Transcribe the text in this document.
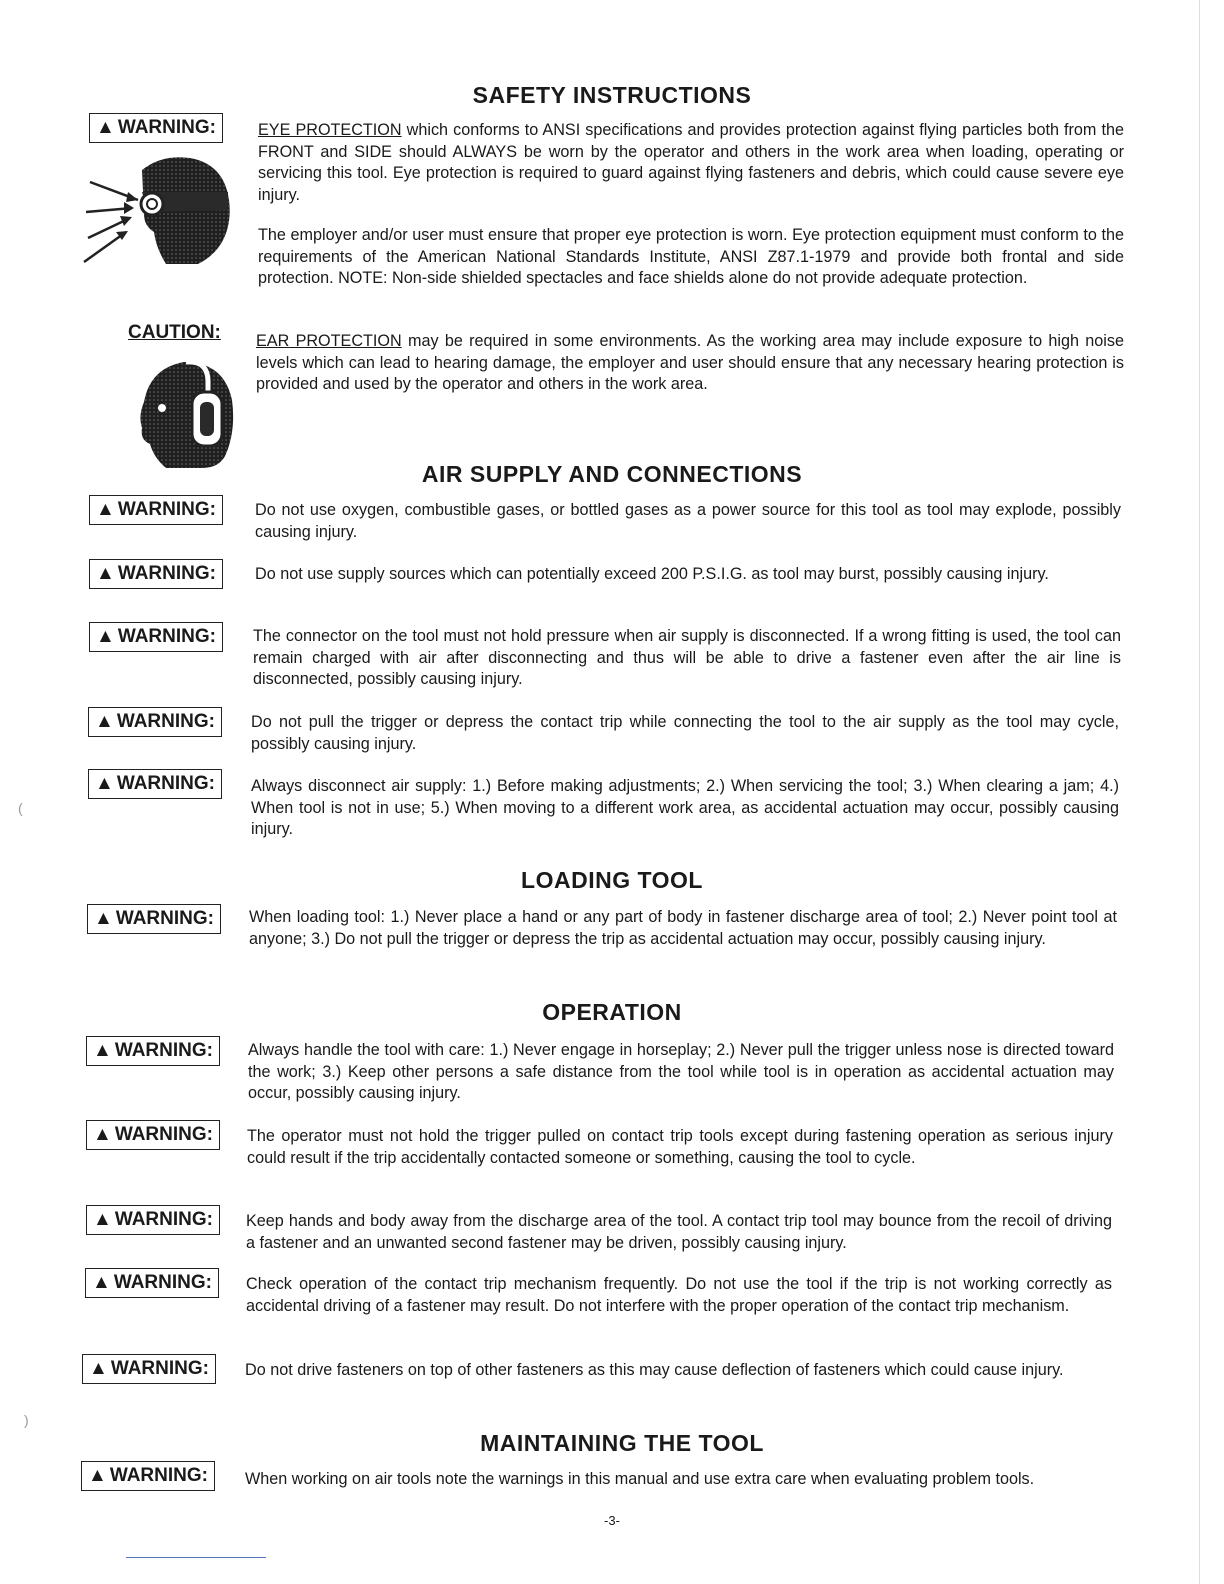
SAFETY INSTRUCTIONS
▲ WARNING:	EYE PROTECTION which conforms to ANSI specifications and provides protection against flying particles both from the FRONT and SIDE should ALWAYS be worn by the operator and others in the work area when loading, operating or servicing this tool. Eye protection is required to guard against flying fasteners and debris, which could cause severe eye injury.
The employer and/or user must ensure that proper eye protection is worn. Eye protection equipment must conform to the requirements of the American National Standards Institute, ANSI Z87.1-1979 and provide both frontal and side protection. NOTE: Non-side shielded spectacles and face shields alone do not provide adequate protection.
CAUTION: EAR PROTECTION may be required in some environments. As the working area may include exposure to high noise levels which can lead to hearing damage, the employer and user should ensure that any necessary hearing protection is provided and used by the operator and others in the work area.
AIR SUPPLY AND CONNECTIONS
▲ WARNING:	Do not use oxygen, combustible gases, or bottled gases as a power source for this tool as tool may explode, possibly causing injury.
▲ WARNING:	Do not use supply sources which can potentially exceed 200 P.S.I.G. as tool may burst, possibly causing injury.
▲ WARNING:	The connector on the tool must not hold pressure when air supply is disconnected. If a wrong fitting is used, the tool can remain charged with air after disconnecting and thus will be able to drive a fastener even after the air line is disconnected, possibly causing injury.
▲ WARNING:	Do not pull the trigger or depress the contact trip while connecting the tool to the air supply as the tool may cycle, possibly causing injury.
▲ WARNING:	Always disconnect air supply: 1.) Before making adjustments; 2.) When servicing the tool; 3.) When clearing a jam; 4.) When tool is not in use; 5.) When moving to a different work area, as accidental actuation may occur, possibly causing injury.
LOADING TOOL
▲ WARNING:	When loading tool: 1.) Never place a hand or any part of body in fastener discharge area of tool; 2.) Never point tool at anyone; 3.) Do not pull the trigger or depress the trip as accidental actuation may occur, possibly causing injury.
OPERATION
▲ WARNING:	Always handle the tool with care: 1.) Never engage in horseplay; 2.) Never pull the trigger unless nose is directed toward the work; 3.) Keep other persons a safe distance from the tool while tool is in operation as accidental actuation may occur, possibly causing injury.
▲ WARNING:	The operator must not hold the trigger pulled on contact trip tools except during fastening operation as serious injury could result if the trip accidentally contacted someone or something, causing the tool to cycle.
▲ WARNING:	Keep hands and body away from the discharge area of the tool. A contact trip tool may bounce from the recoil of driving a fastener and an unwanted second fastener may be driven, possibly causing injury.
▲ WARNING:	Check operation of the contact trip mechanism frequently. Do not use the tool if the trip is not working correctly as accidental driving of a fastener may result. Do not interfere with the proper operation of the contact trip mechanism.
▲ WARNING:	Do not drive fasteners on top of other fasteners as this may cause deflection of fasteners which could cause injury.
MAINTAINING THE TOOL
▲ WARNING:	When working on air tools note the warnings in this manual and use extra care when evaluating problem tools.
-3-
(
)
